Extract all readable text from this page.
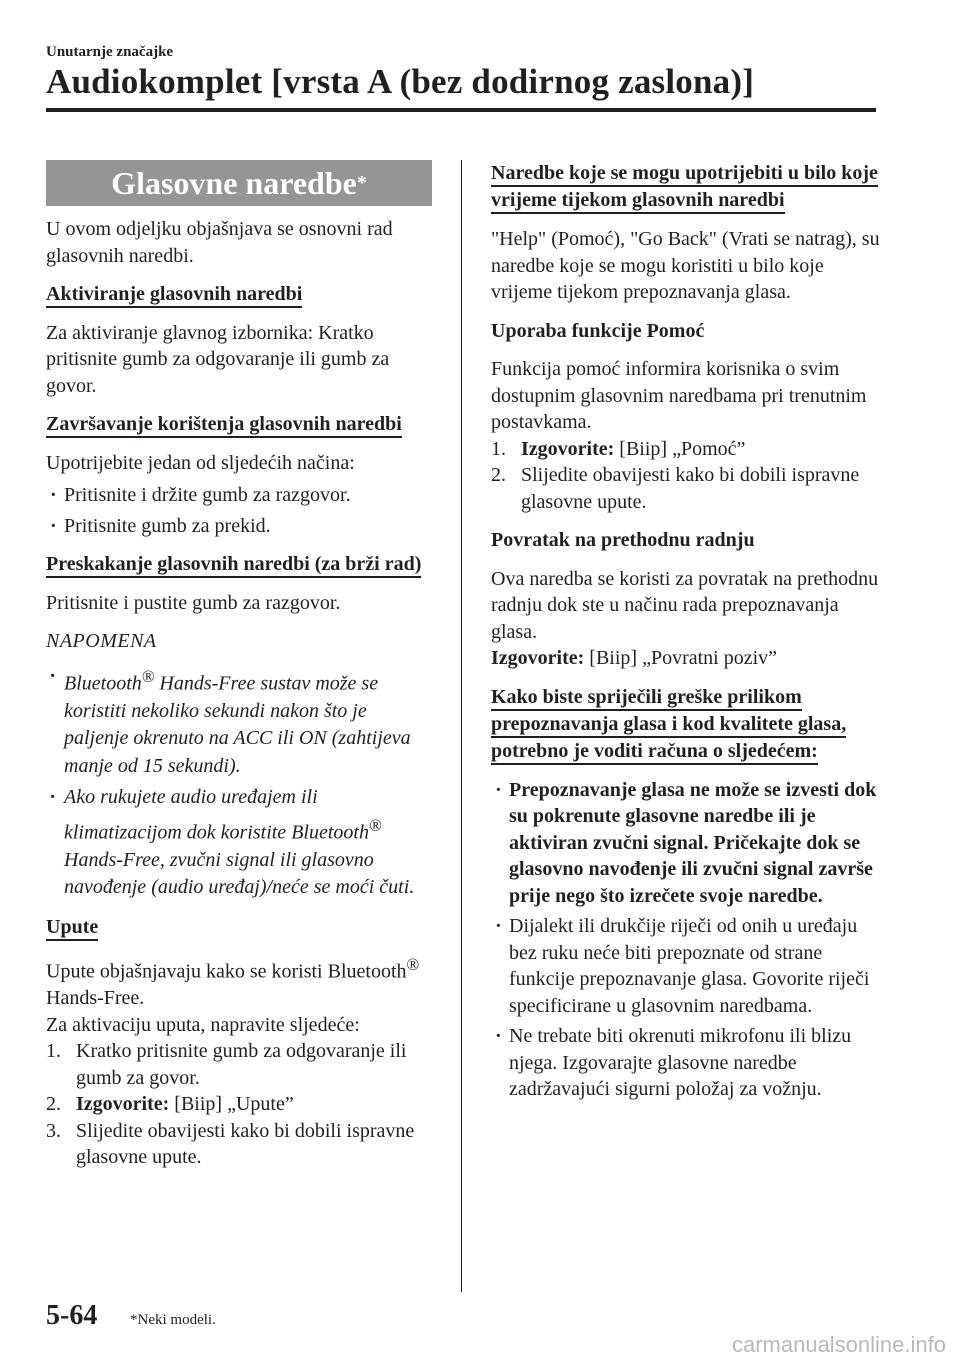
Unutarnje značajke
Audiokomplet [vrsta A (bez dodirnog zaslona)]
Glasovne naredbe *

U ovom odjeljku objašnjava se osnovni rad glasovnih naredbi.

Aktiviranje glasovnih naredbi

Za aktiviranje glavnog izbornika: Kratko pritisnite gumb za odgovaranje ili gumb za govor.

Završavanje korištenja glasovnih naredbi

Upotrijebite jedan od sljedećih načina:

· Pritisnite i držite gumb za razgovor.
· Pritisnite gumb za prekid.
Preskakanje glasovnih naredbi (za brži rad)

Pritisnite i pustite gumb za razgovor.

NAPOMENA
· Bluetooth® Hands-Free sustav može se koristiti nekoliko sekundi nakon što je paljenje okrenuto na ACC ili ON (zahtijeva manje od 15 sekundi).
· Ako rukujete audio uređajem ili klimatizacijom dok koristite Bluetooth® Hands-Free, zvučni signal ili glasovno navođenje (audio uređaj)/neće se moći čuti.
Upute

Upute objašnjavaju kako se koristi Bluetooth® Hands-Free.

Za aktivaciju uputa, napravite sljedeće:

1. Kratko pritisnite gumb za odgovaranje ili gumb za govor.
2. Izgovorite: [Biip] „Upute”
3. Slijedite obavijesti kako bi dobili ispravne glasovne upute.
Naredbe koje se mogu upotrijebiti u bilo koje vrijeme tijekom glasovnih naredbi

"Help" (Pomoć), "Go Back" (Vrati se natrag), su naredbe koje se mogu koristiti u bilo koje vrijeme tijekom prepoznavanja glasa.

Uporaba funkcije Pomoć

Funkcija pomoć informira korisnika o svim dostupnim glasovnim naredbama pri trenutnim postavkama.

1. Izgovorite: [Biip] „Pomoć”
2. Slijedite obavijesti kako bi dobili ispravne glasovne upute.
Povratak na prethodnu radnju

Ova naredba se koristi za povratak na prethodnu radnju dok ste u načinu rada prepoznavanja glasa.

Izgovorite: [Biip] „Povratni poziv”

Kako biste spriječili greške prilikom prepoznavanja glasa i kod kvalitete glasa, potrebno je voditi računa o sljedećem:
· Prepoznavanje glasa ne može se izvesti dok su pokrenute glasovne naredbe ili je aktiviran zvučni signal. Pričekajte dok se glasovno navođenje ili zvučni signal završe prije nego što izrečete svoje naredbe.
· Dijalekt ili drukčije riječi od onih u uređaju bez ruku neće biti prepoznate od strane funkcije prepoznavanje glasa. Govorite riječi specificirane u glasovnim naredbama.
· Ne trebate biti okrenuti mikrofonu ili blizu njega. Izgovarajte glasovne naredbe zadržavajući sigurni položaj za vožnju.
5-64 *Neki modeli.
carmanualsonline.info
